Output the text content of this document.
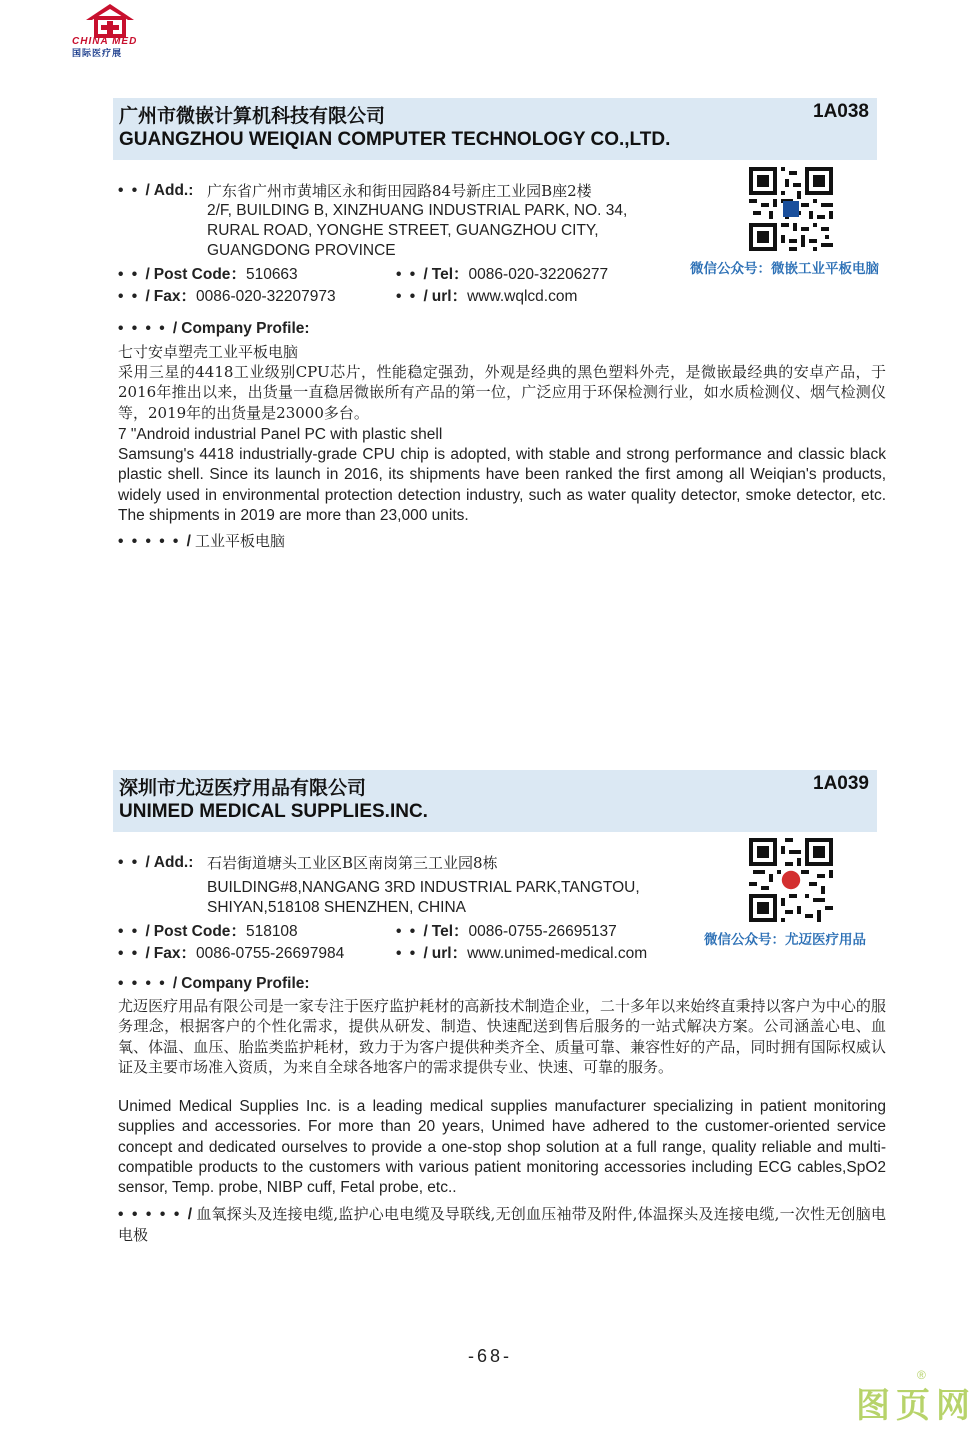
CHINA MED
国际医疗展
广州市微嵌计算机科技有限公司
GUANGZHOU WEIQIAN COMPUTER TECHNOLOGY CO.,LTD.
1A038
• • / Add.: 广东省广州市黄埔区永和街田园路84号新庄工业园B座2楼
2/F, BUILDING B, XINZHUANG INDUSTRIAL PARK, NO. 34,
RURAL ROAD, YONGHE STREET, GUANGZHOU CITY,
GUANGDONG PROVINCE
• • / Post Code：510663	• • / Tel：0086-020-32206277
• • / Fax：0086-020-32207973	• • / url：www.wqlcd.com
微信公众号：微嵌工业平板电脑
• • • • / Company Profile:
七寸安卓塑壳工业平板电脑
采用三星的4418工业级别CPU芯片，性能稳定强劲，外观是经典的黑色塑料外壳，是微嵌最经典的安卓产品，于2016年推出以来，出货量一直稳居微嵌所有产品的第一位，广泛应用于环保检测行业，如水质检测仪、烟气检测仪等，2019年的出货量是23000多台。
7 "Android industrial Panel PC with plastic shell
Samsung's 4418 industrially-grade CPU chip is adopted, with stable and strong performance and classic black plastic shell. Since its launch in 2016, its shipments have been ranked the first among all Weiqian's products, widely used in environmental protection detection industry, such as water quality detector, smoke detector, etc. The shipments in 2019 are more than 23,000 units.
• • • • • / 工业平板电脑
深圳市尤迈医疗用品有限公司
UNIMED MEDICAL SUPPLIES.INC.
1A039
• • / Add.: 石岩街道塘头工业区B区南岗第三工业园8栋
BUILDING#8,NANGANG 3RD INDUSTRIAL PARK,TANGTOU,
SHIYAN,518108 SHENZHEN, CHINA
• • / Post Code：518108	• • / Tel：0086-0755-26695137
• • / Fax：0086-0755-26697984	• • / url：www.unimed-medical.com
微信公众号：尤迈医疗用品
• • • • / Company Profile:
尤迈医疗用品有限公司是一家专注于医疗监护耗材的高新技术制造企业，二十多年以来始终直秉持以客户为中心的服务理念，根据客户的个性化需求，提供从研发、制造、快速配送到售后服务的一站式解决方案。公司涵盖心电、血氧、体温、血压、胎监类监护耗材，致力于为客户提供种类齐全、质量可靠、兼容性好的产品，同时拥有国际权威认证及主要市场准入资质，为来自全球各地客户的需求提供专业、快速、可靠的服务。
Unimed Medical Supplies Inc. is a leading medical supplies manufacturer specializing in patient monitoring supplies and accessories. For more than 20 years, Unimed have adhered to the customer-oriented service concept and dedicated ourselves to provide a one-stop shop solution at a full range, quality reliable and multi-compatible products to the customers with various patient monitoring accessories including ECG cables,SpO2 sensor, Temp. probe, NIBP cuff, Fetal probe, etc..
• • • • • / 血氧探头及连接电缆,监护心电电缆及导联线,无创血压袖带及附件,体温探头及连接电缆,一次性无创脑电电极
-68-
图页网
®
